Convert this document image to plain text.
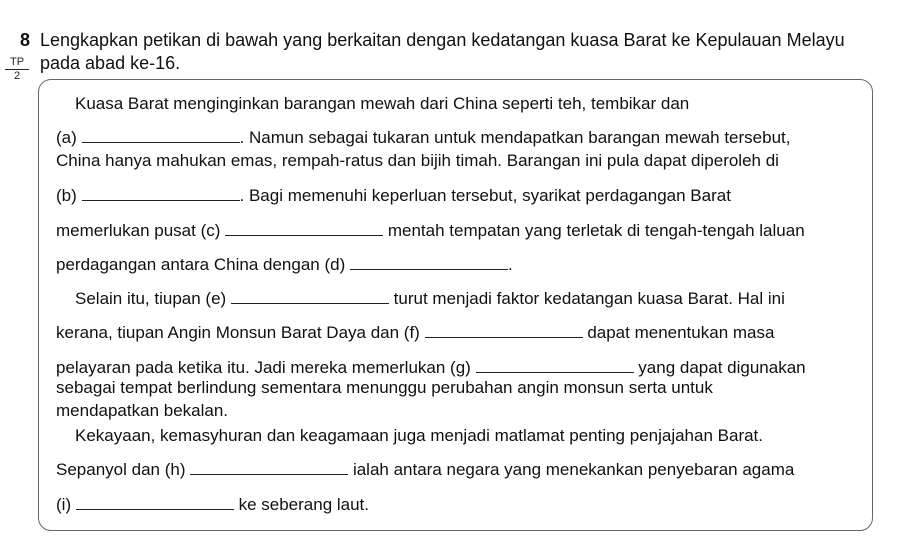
8 Lengkapkan petikan di bawah yang berkaitan dengan kedatangan kuasa Barat ke Kepulauan Melayu
pada abad ke-16.
TP
2
Kuasa Barat menginginkan barangan mewah dari China seperti teh, tembikar dan
(a)	. Namun sebagai tukaran untuk mendapatkan barangan mewah tersebut,
China hanya mahukan emas, rempah-ratus dan bijih timah. Barangan ini pula dapat diperoleh di
(b)	. Bagi memenuhi keperluan tersebut, syarikat perdagangan Barat
memerlukan pusat (c)	mentah tempatan yang terletak di tengah-tengah laluan
perdagangan antara China dengan (d)	.
Selain itu, tiupan (e)	turut menjadi faktor kedatangan kuasa Barat. Hal ini
kerana, tiupan Angin Monsun Barat Daya dan (f)	dapat menentukan masa
pelayaran pada ketika itu. Jadi mereka memerlukan (g)	yang dapat digunakan
sebagai tempat berlindung sementara menunggu perubahan angin monsun serta untuk
mendapatkan bekalan.
Kekayaan, kemasyhuran dan keagamaan juga menjadi matlamat penting penjajahan Barat.
Sepanyol dan (h)	ialah antara negara yang menekankan penyebaran agama
(i)	ke seberang laut.
